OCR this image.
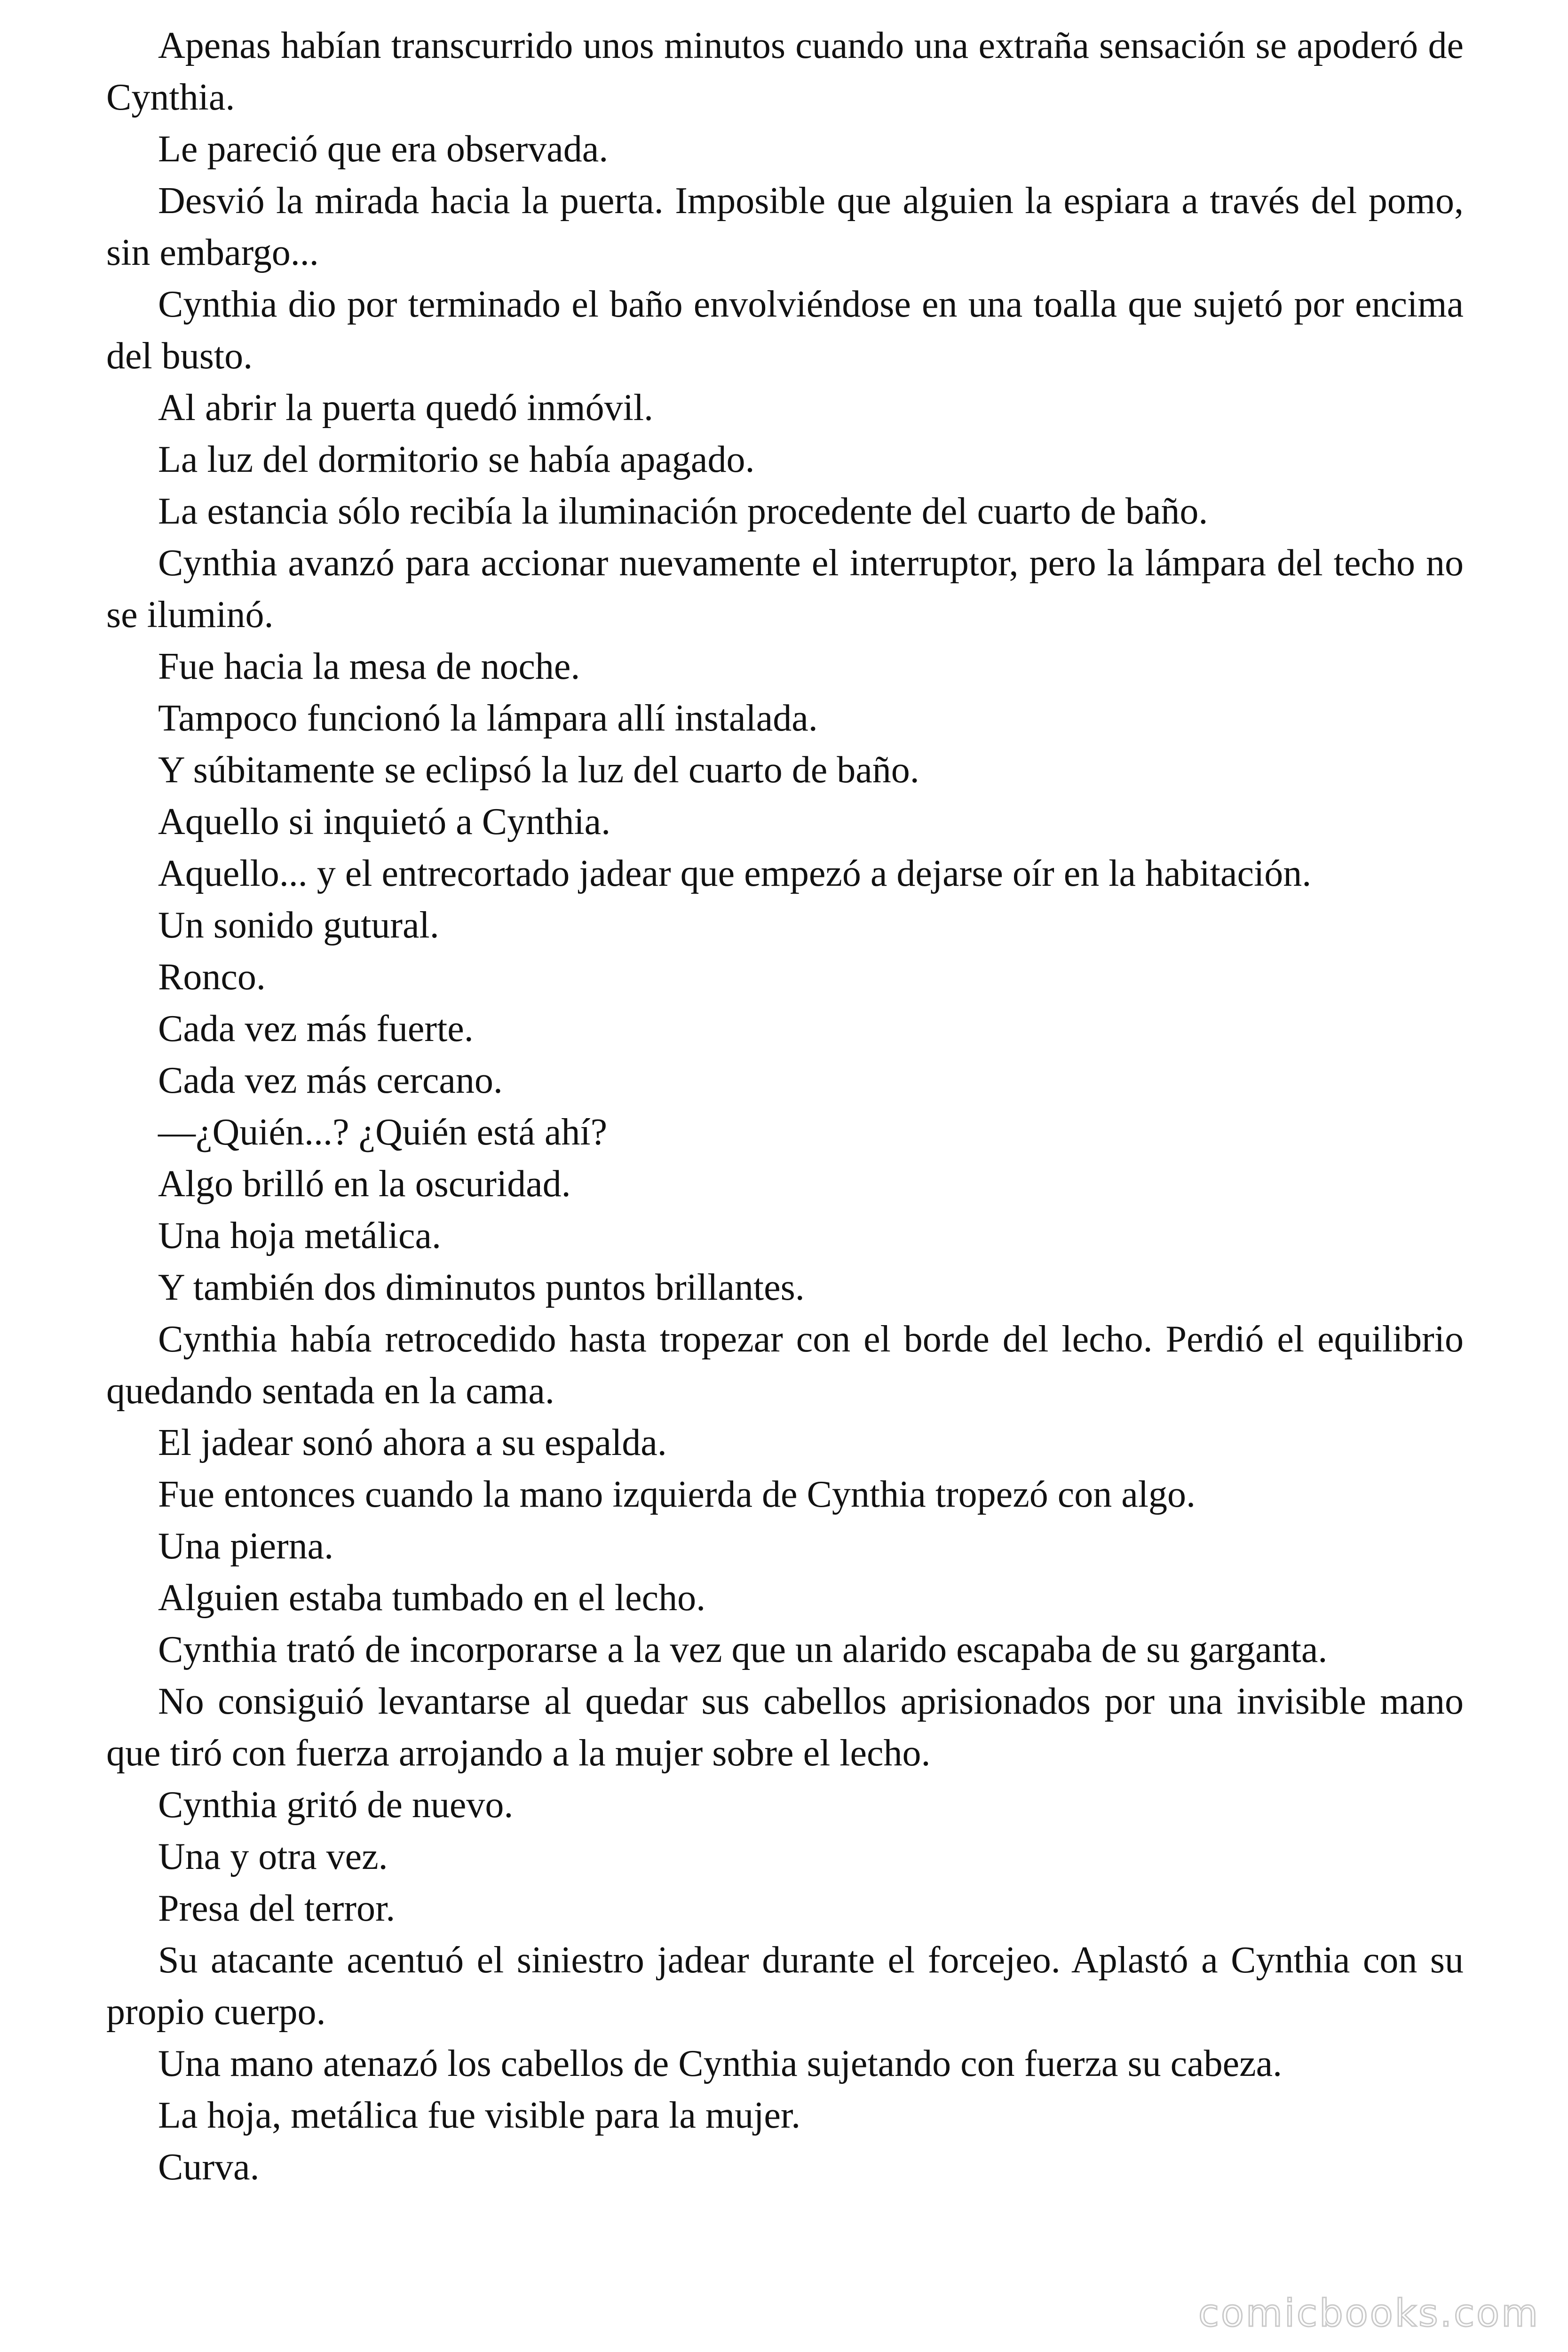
Apenas habían transcurrido unos minutos cuando una extraña sensación se apoderó de Cynthia.

Le pareció que era observada.

Desvió la mirada hacia la puerta. Imposible que alguien la espiara a través del pomo, sin embargo...

Cynthia dio por terminado el baño envolviéndose en una toalla que sujetó por encima del busto.

Al abrir la puerta quedó inmóvil.

La luz del dormitorio se había apagado.

La estancia sólo recibía la iluminación procedente del cuarto de baño.

Cynthia avanzó para accionar nuevamente el interruptor, pero la lámpara del techo no se iluminó.

Fue hacia la mesa de noche.

Tampoco funcionó la lámpara allí instalada.

Y súbitamente se eclipsó la luz del cuarto de baño.

Aquello si inquietó a Cynthia.

Aquello... y el entrecortado jadear que empezó a dejarse oír en la habitación.

Un sonido gutural.

Ronco.

Cada vez más fuerte.

Cada vez más cercano.

—¿Quién...? ¿Quién está ahí?

Algo brilló en la oscuridad.

Una hoja metálica.

Y también dos diminutos puntos brillantes.

Cynthia había retrocedido hasta tropezar con el borde del lecho. Perdió el equilibrio quedando sentada en la cama.

El jadear sonó ahora a su espalda.

Fue entonces cuando la mano izquierda de Cynthia tropezó con algo.

Una pierna.

Alguien estaba tumbado en el lecho.

Cynthia trató de incorporarse a la vez que un alarido escapaba de su garganta.

No consiguió levantarse al quedar sus cabellos aprisionados por una invisible mano que tiró con fuerza arrojando a la mujer sobre el lecho.

Cynthia gritó de nuevo.

Una y otra vez.

Presa del terror.

Su atacante acentuó el siniestro jadear durante el forcejeo. Aplastó a Cynthia con su propio cuerpo.

Una mano atenazó los cabellos de Cynthia sujetando con fuerza su cabeza.

La hoja, metálica fue visible para la mujer.

Curva.

comicbooks.com
